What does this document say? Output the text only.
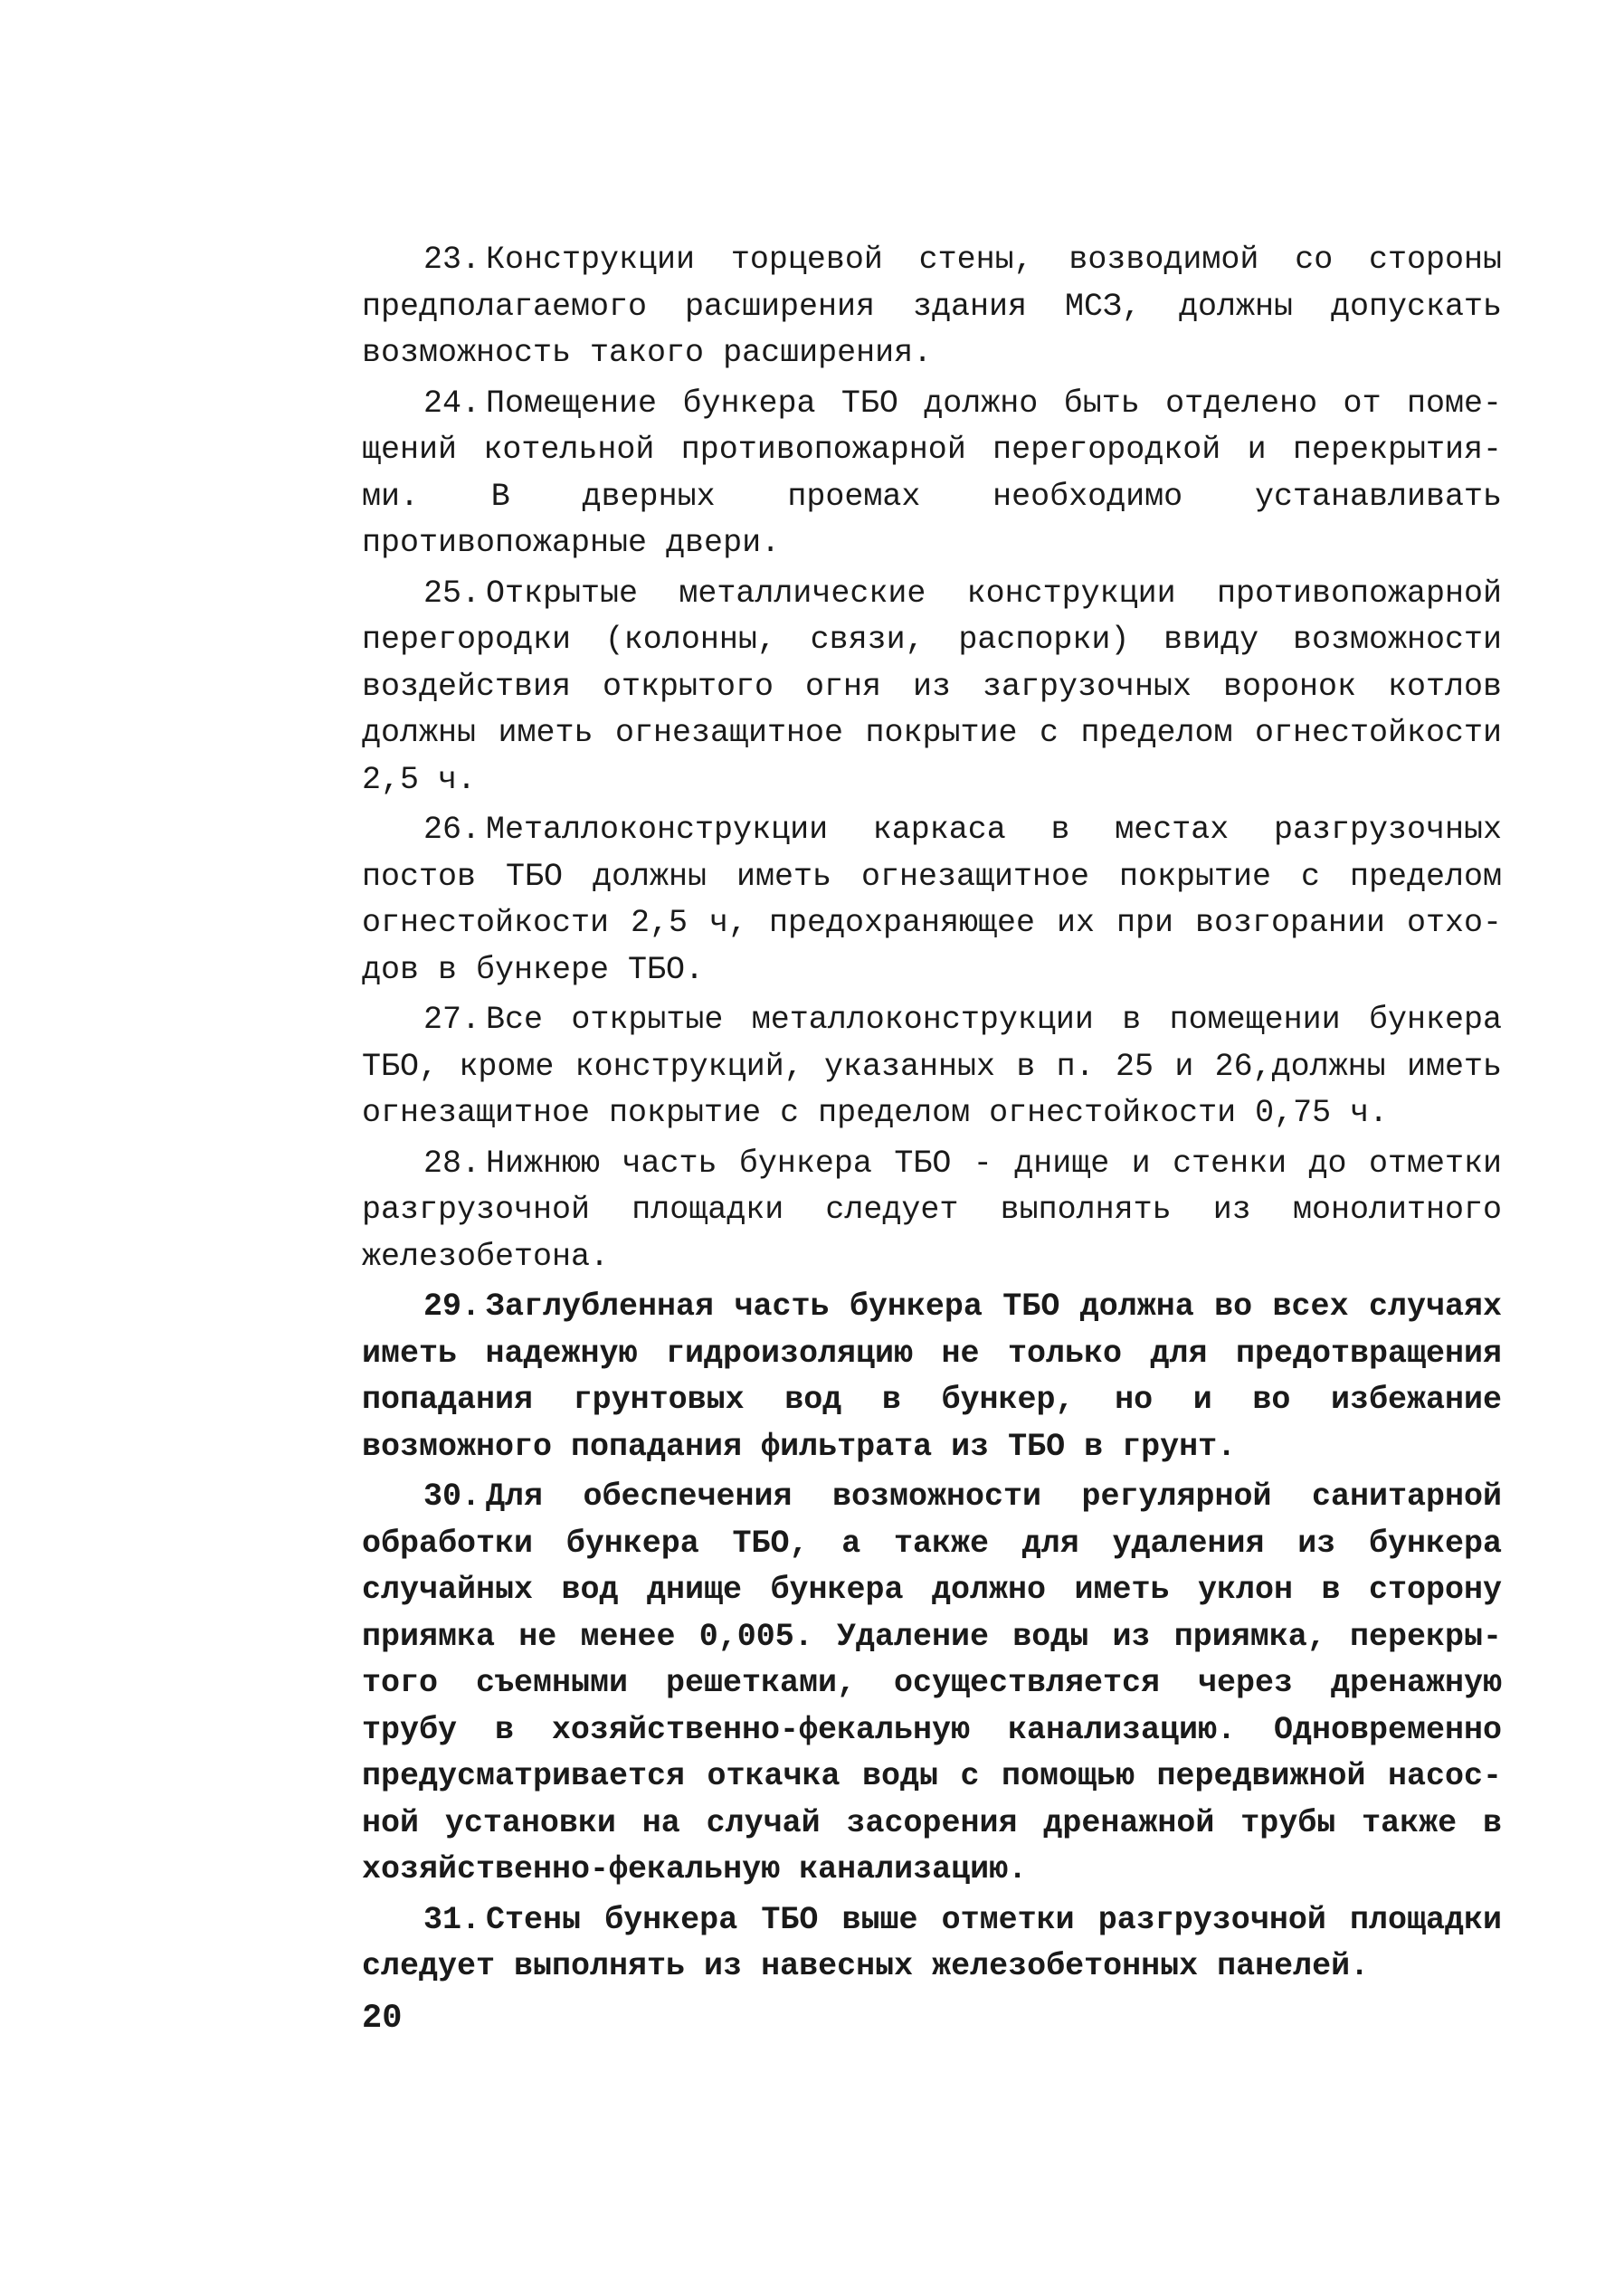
23. Конструкции торцевой стены, возводимой со стороны предполагаемого расширения здания МСЗ, должны допускать возможность такого расширения.

24. Помещение бункера ТБО должно быть отделено от помещений котельной противопожарной перегородкой и перекрытиями. В дверных проемах необходимо устанавливать противопожарные двери.

25. Открытые металлические конструкции противопожарной перегородки (колонны, связи, распорки) ввиду возможности воздействия открытого огня из загрузочных воронок котлов должны иметь огнезащитное покрытие с пределом огнестойкости 2,5 ч.

26. Металлоконструкции каркаса в местах разгрузочных постов ТБО должны иметь огнезащитное покрытие с пределом огнестойкости 2,5 ч, предохраняющее их при возгорании отходов в бункере ТБО.

27. Все открытые металлоконструкции в помещении бункера ТБО, кроме конструкций, указанных в п. 25 и 26,должны иметь огнезащитное покрытие с пределом огнестойкости 0,75 ч.

28. Нижнюю часть бункера ТБО - днище и стенки до отметки разгрузочной площадки следует выполнять из монолитного железобетона.

29. Заглубленная часть бункера ТБО должна во всех случаях иметь надежную гидроизоляцию не только для предотвращения попадания грунтовых вод в бункер, но и во избежание возможного попадания фильтрата из ТБО в грунт.

30. Для обеспечения возможности регулярной санитарной обработки бункера ТБО, а также для удаления из бункера случайных вод днище бункера должно иметь уклон в сторону приямка не менее 0,005. Удаление воды из приямка, перекрытого съемными решетками, осуществляется через дренажную трубу в хозяйственно-фекальную канализацию. Одновременно предусматривается откачка воды с помощью передвижной насосной установки на случай засорения дренажной трубы также в хозяйственно-фекальную канализацию.

31. Стены бункера ТБО выше отметки разгрузочной площадки следует выполнять из навесных железобетонных панелей.

20
